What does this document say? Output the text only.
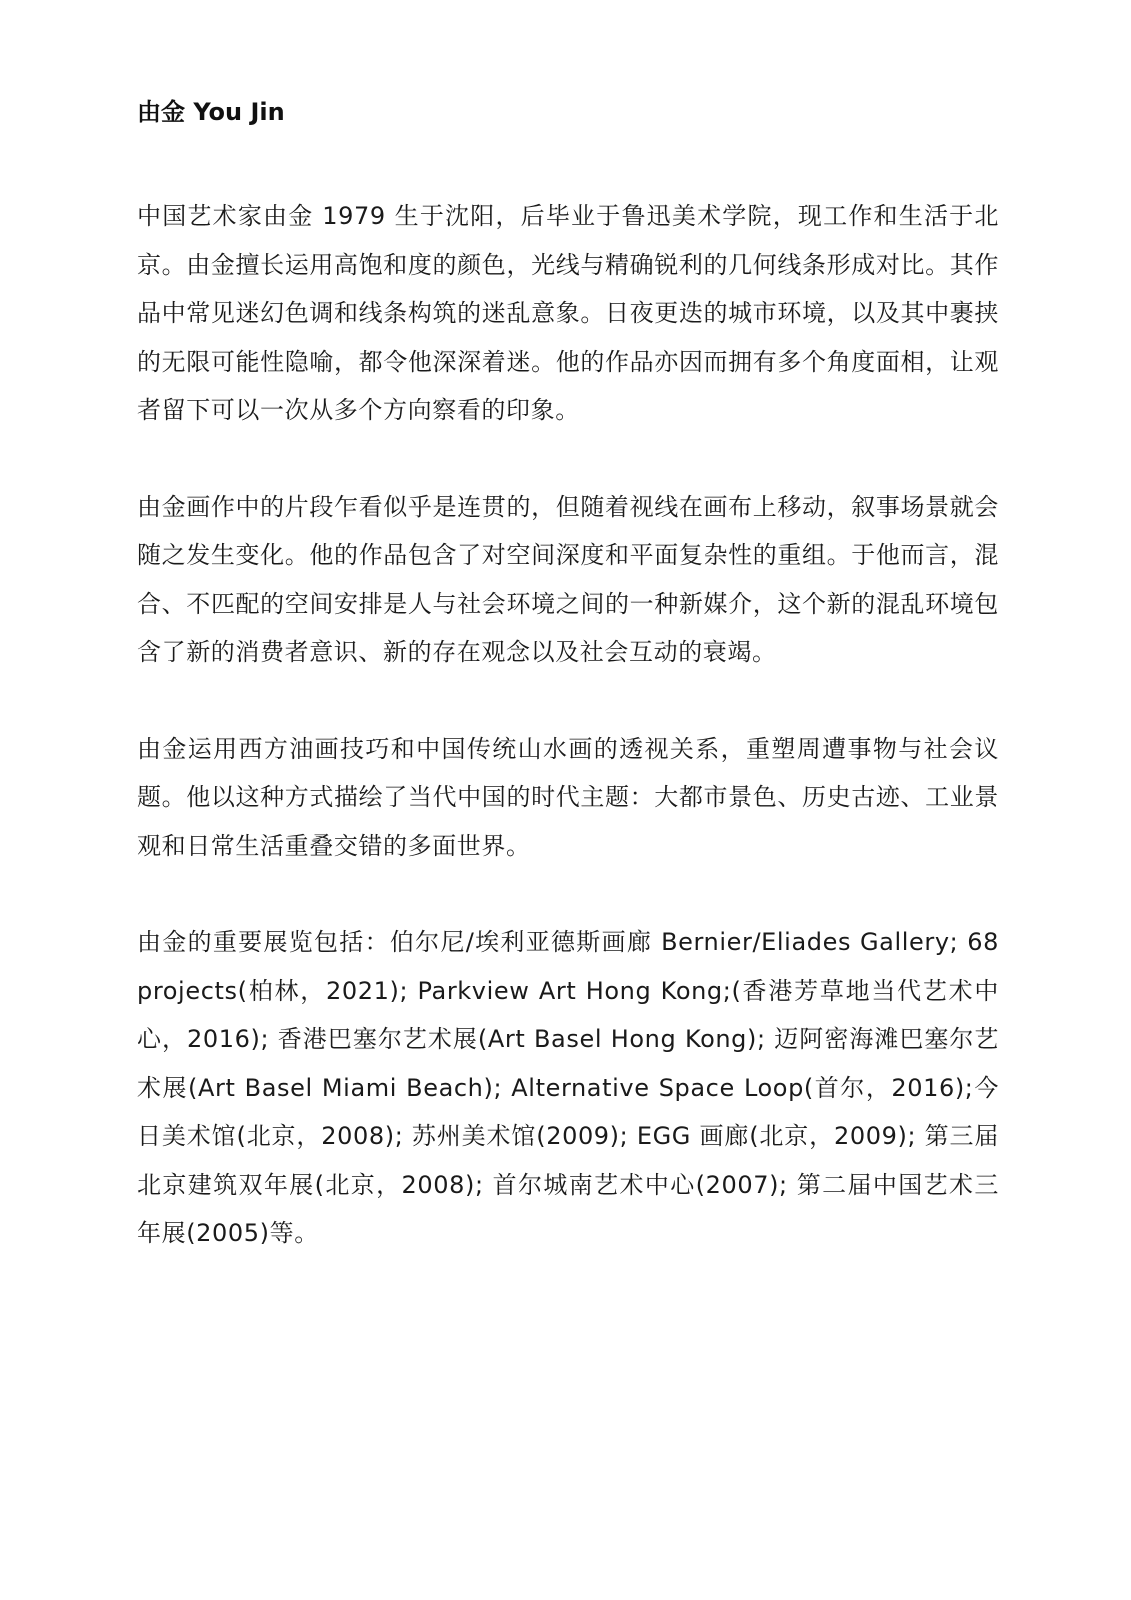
由金 You Jin

中国艺术家由金 1979 生于沈阳，后毕业于鲁迅美术学院，现工作和生活于北京。由金擅长运用高饱和度的颜色，光线与精确锐利的几何线条形成对比。其作品中常见迷幻色调和线条构筑的迷乱意象。日夜更迭的城市环境，以及其中裹挟的无限可能性隐喻，都令他深深着迷。他的作品亦因而拥有多个角度面相，让观者留下可以一次从多个方向察看的印象。

由金画作中的片段乍看似乎是连贯的，但随着视线在画布上移动，叙事场景就会随之发生变化。他的作品包含了对空间深度和平面复杂性的重组。于他而言，混合、不匹配的空间安排是人与社会环境之间的一种新媒介，这个新的混乱环境包含了新的消费者意识、新的存在观念以及社会互动的衰竭。

由金运用西方油画技巧和中国传统山水画的透视关系，重塑周遭事物与社会议题。他以这种方式描绘了当代中国的时代主题：大都市景色、历史古迹、工业景观和日常生活重叠交错的多面世界。

由金的重要展览包括：伯尔尼/埃利亚德斯画廊 Bernier/Eliades Gallery; 68 projects(柏林，2021); Parkview Art Hong Kong;(香港芳草地当代艺术中心，2016); 香港巴塞尔艺术展(Art Basel Hong Kong); 迈阿密海滩巴塞尔艺术展(Art Basel Miami Beach); Alternative Space Loop(首尔，2016);今日美术馆(北京，2008); 苏州美术馆(2009); EGG 画廊(北京，2009); 第三届北京建筑双年展(北京，2008); 首尔城南艺术中心(2007); 第二届中国艺术三年展(2005)等。
